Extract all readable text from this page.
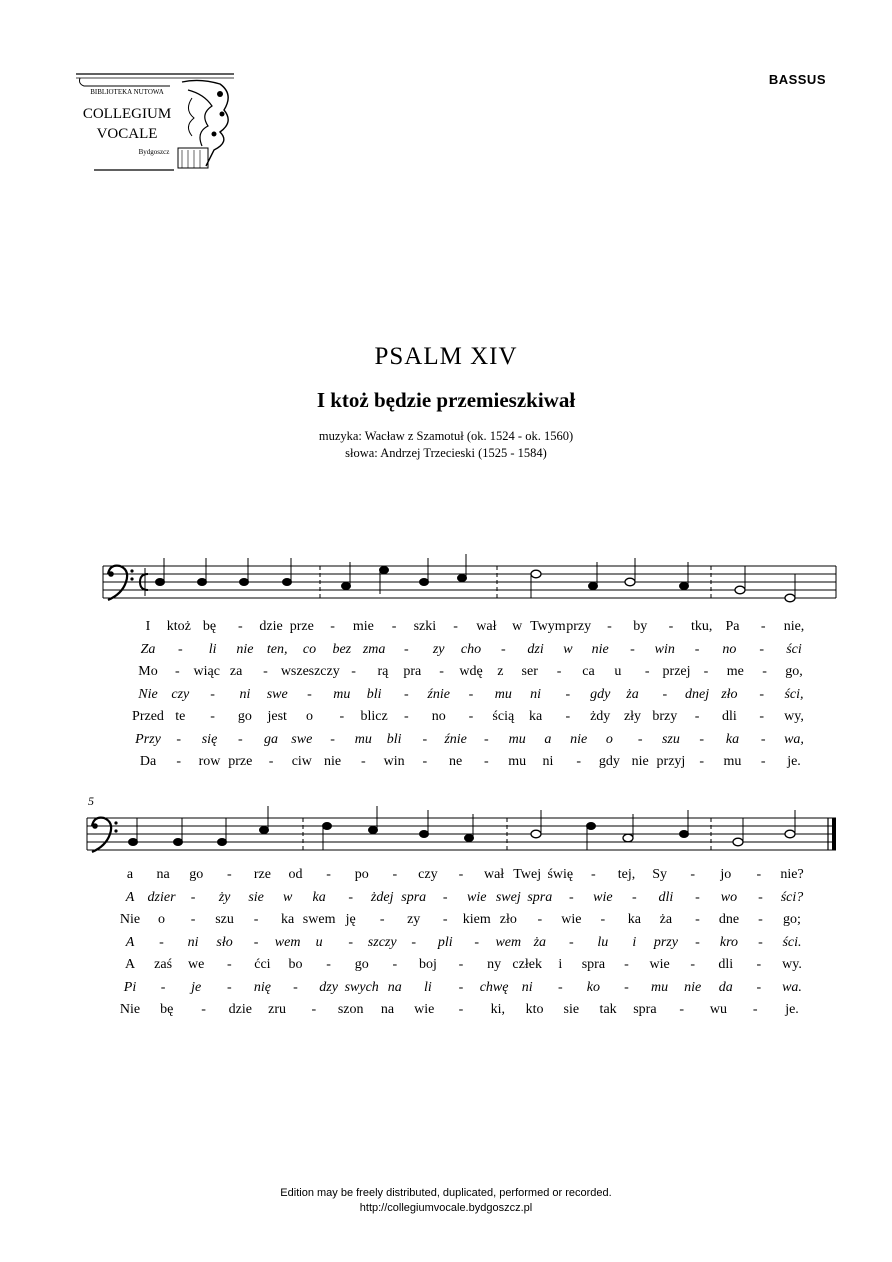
BIBLIOTEKA NUTOWA
COLLEGIUM
VOCALE
Bydgoszcz
BASSUS
PSALM XIV
I ktoż będzie przemieszkiwał
muzyka: Wacław z Szamotuł (ok. 1524 - ok. 1560)
słowa: Andrzej Trzecieski (1525 - 1584)
5
I ktoż bę - dzie prze - mie - szki - wał w Twym przy - by - tku, Pa - nie,
Za - li nie ten, co bez zma - zy cho - dzi w nie - win - no - ści
Mo - wiąc za - wsze szczy - rą pra - wdę z ser - ca u - przej - me - go,
Nie czy - ni swe - mu bli - źnie - mu ni - gdy ża - dnej zło - ści,
Przed te - go jest o - blicz - no - ścią ka - żdy zły brzy - dli - wy,
Przy - się - ga swe - mu bli - źnie - mu a nie o - szu - ka - wa,
Da - row prze - ciw nie - win - ne - mu ni - gdy nie przyj - mu - je.
a na go - rze od - po - czy - wał Twej świę - tej, Sy - jo - nie?
A dzier - ży sie w ka - żdej spra - wie swej spra - wie - dli - wo - ści?
Nie o - szu - ka swem ję - zy - kiem zło - wie - ka ża - dne - go;
A - ni sło - wem u - szczy - pli - wem ża - lu i przy - kro - ści.
A zaś we - ćci bo - go - boj - ny człek i spra - wie - dli - wy.
Pi - je - nię - dzy swych na li - chwę ni - ko - mu nie da - wa.
Nie bę - dzie zru - szon na wie - ki, kto sie tak spra - wu - je.
Edition may be freely distributed, duplicated, performed or recorded.
http://collegiumvocale.bydgoszcz.pl
